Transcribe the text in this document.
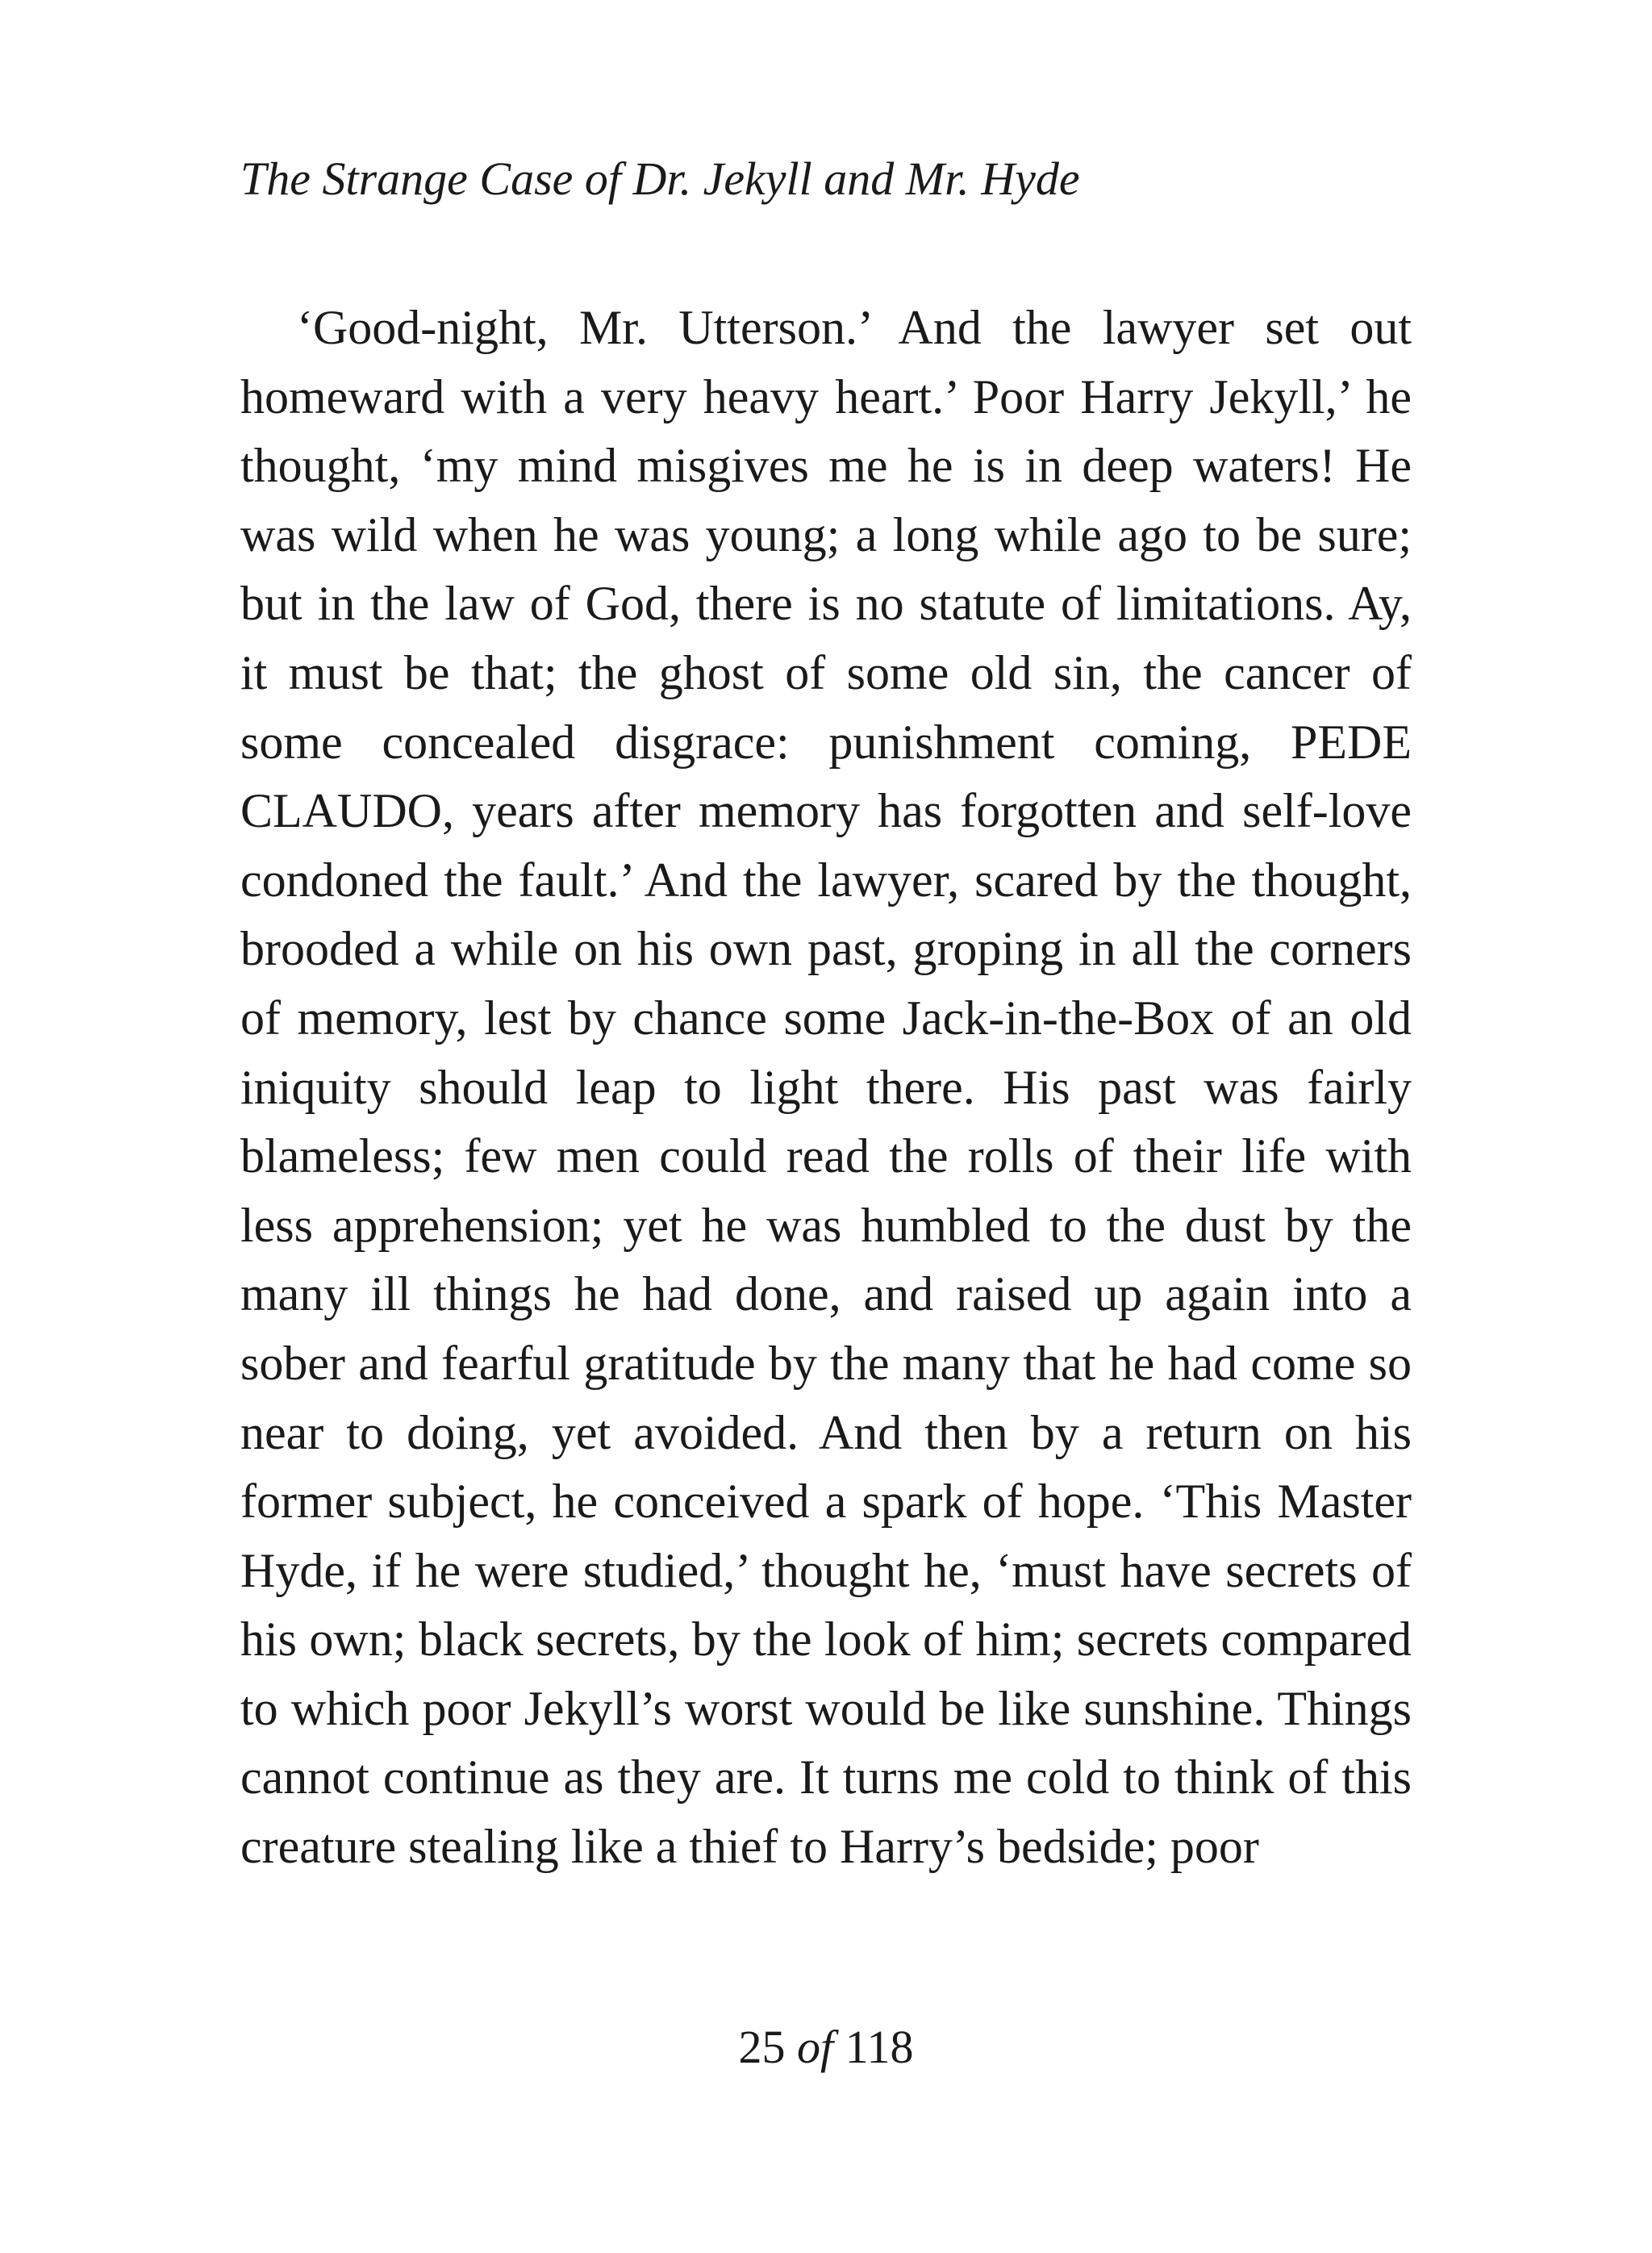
The Strange Case of Dr. Jekyll and Mr. Hyde

‘Good-night, Mr. Utterson.’ And the lawyer set out homeward with a very heavy heart.’ Poor Harry Jekyll,’ he thought, ‘my mind misgives me he is in deep waters! He was wild when he was young; a long while ago to be sure; but in the law of God, there is no statute of limitations. Ay, it must be that; the ghost of some old sin, the cancer of some concealed disgrace: punishment coming, PEDE CLAUDO, years after memory has forgotten and self-love condoned the fault.’ And the lawyer, scared by the thought, brooded a while on his own past, groping in all the corners of memory, lest by chance some Jack-in-the-Box of an old iniquity should leap to light there. His past was fairly blameless; few men could read the rolls of their life with less apprehension; yet he was humbled to the dust by the many ill things he had done, and raised up again into a sober and fearful gratitude by the many that he had come so near to doing, yet avoided. And then by a return on his former subject, he conceived a spark of hope. ‘This Master Hyde, if he were studied,’ thought he, ‘must have secrets of his own; black secrets, by the look of him; secrets compared to which poor Jekyll’s worst would be like sunshine. Things cannot continue as they are. It turns me cold to think of this creature stealing like a thief to Harry’s bedside; poor

25 of 118
